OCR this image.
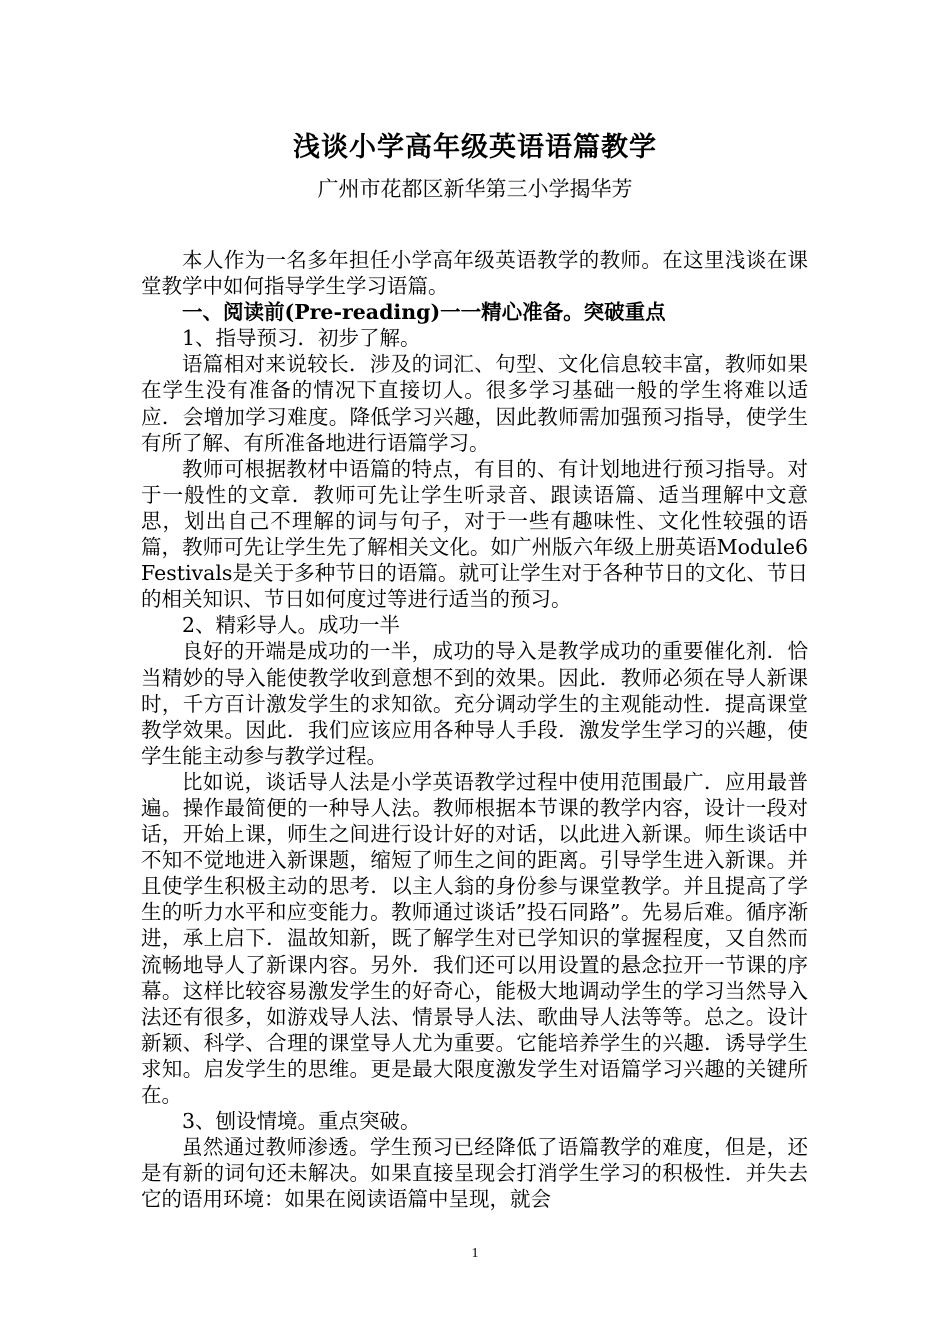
浅谈小学高年级英语语篇教学
广州市花都区新华第三小学揭华芳

本人作为一名多年担任小学高年级英语教学的教师。在这里浅谈在课堂教学中如何指导学生学习语篇。

一、阅读前(Pre-reading)一一精心准备。突破重点

1、指导预习．初步了解。

语篇相对来说较长．涉及的词汇、句型、文化信息较丰富，教师如果在学生没有准备的情况下直接切人。很多学习基础一般的学生将难以适应．会增加学习难度。降低学习兴趣，因此教师需加强预习指导，使学生有所了解、有所准备地进行语篇学习。

教师可根据教材中语篇的特点，有目的、有计划地进行预习指导。对于一般性的文章．教师可先让学生听录音、跟读语篇、适当理解中文意思，划出自己不理解的词与句子，对于一些有趣味性、文化性较强的语篇，教师可先让学生先了解相关文化。如广州版六年级上册英语Module6 Festivals是关于多种节日的语篇。就可让学生对于各种节日的文化、节日的相关知识、节日如何度过等进行适当的预习。

2、精彩导人。成功一半

良好的开端是成功的一半，成功的导入是教学成功的重要催化剂．恰当精妙的导入能使教学收到意想不到的效果。因此．教师必须在导人新课时，千方百计激发学生的求知欲。充分调动学生的主观能动性．提高课堂教学效果。因此．我们应该应用各种导人手段．激发学生学习的兴趣，使学生能主动参与教学过程。

比如说，谈话导人法是小学英语教学过程中使用范围最广．应用最普遍。操作最简便的一种导人法。教师根据本节课的教学内容，设计一段对话，开始上课，师生之间进行设计好的对话，以此进入新课。师生谈话中不知不觉地进入新课题，缩短了师生之间的距离。引导学生进入新课。并且使学生积极主动的思考．以主人翁的身份参与课堂教学。并且提高了学生的听力水平和应变能力。教师通过谈话”投石同路”。先易后难。循序渐进，承上启下．温故知新，既了解学生对已学知识的掌握程度，又自然而流畅地导人了新课内容。另外．我们还可以用设置的悬念拉开一节课的序幕。这样比较容易激发学生的好奇心，能极大地调动学生的学习当然导入法还有很多，如游戏导人法、情景导人法、歌曲导人法等等。总之。设计新颖、科学、合理的课堂导人尤为重要。它能培养学生的兴趣．诱导学生求知。启发学生的思维。更是最大限度激发学生对语篇学习兴趣的关键所在。

3、刨设情境。重点突破。

虽然通过教师渗透。学生预习已经降低了语篇教学的难度，但是，还是有新的词句还未解决。如果直接呈现会打消学生学习的积极性．并失去它的语用环境：如果在阅读语篇中呈现，就会

1
